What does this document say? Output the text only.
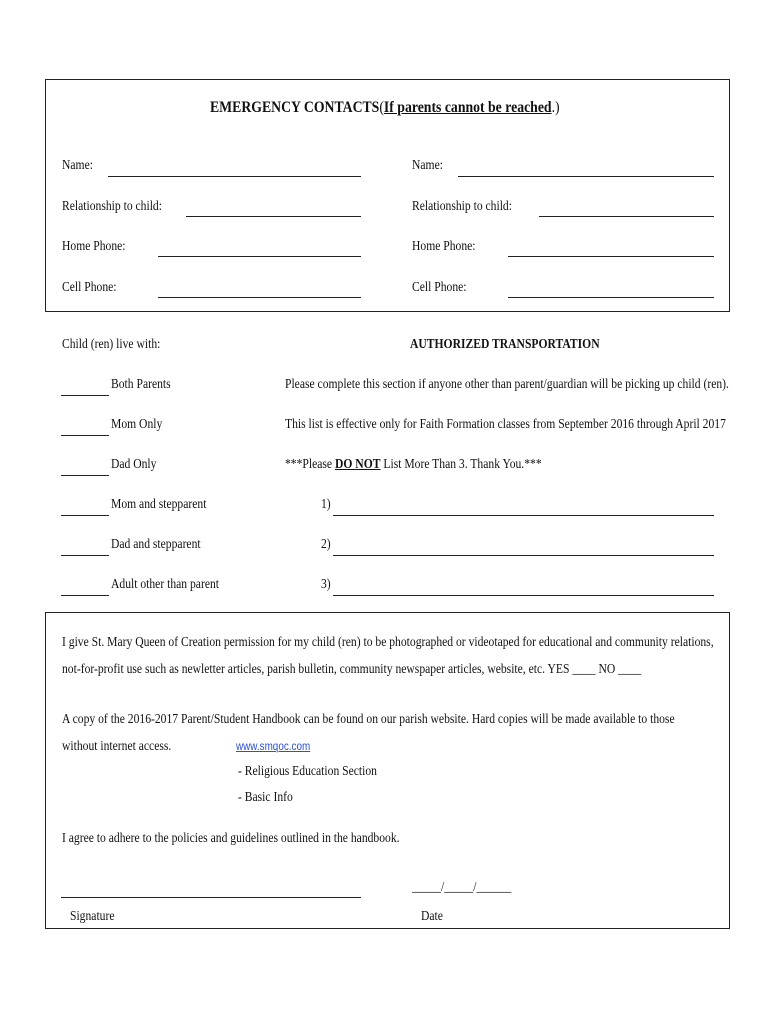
EMERGENCY CONTACTS(If parents cannot be reached.)
Name:
Relationship to child:
Home Phone:
Cell Phone:
Name:
Relationship to child:
Home Phone:
Cell Phone:
Child (ren) live with:
Both Parents
Mom Only
Dad Only
Mom and stepparent
Dad and stepparent
Adult other than parent
AUTHORIZED TRANSPORTATION
Please complete this section if anyone other than parent/guardian will be picking up child (ren).
This list is effective only for Faith Formation classes from September 2016 through April 2017
***Please DO NOT List More Than 3. Thank You.***
1)
2)
3)
I give St. Mary Queen of Creation permission for my child (ren) to be photographed or videotaped for educational and community relations,
not-for-profit use such as newletter articles, parish bulletin, community newspaper articles, website, etc. YES ____ NO ____
A copy of the 2016-2017 Parent/Student Handbook can be found on our parish website. Hard copies will be made available to those
without internet access.	www.smqoc.com
- Religious Education Section
- Basic Info
I agree to adhere to the policies and guidelines outlined in the handbook.
_____/_____/______
Signature	Date
